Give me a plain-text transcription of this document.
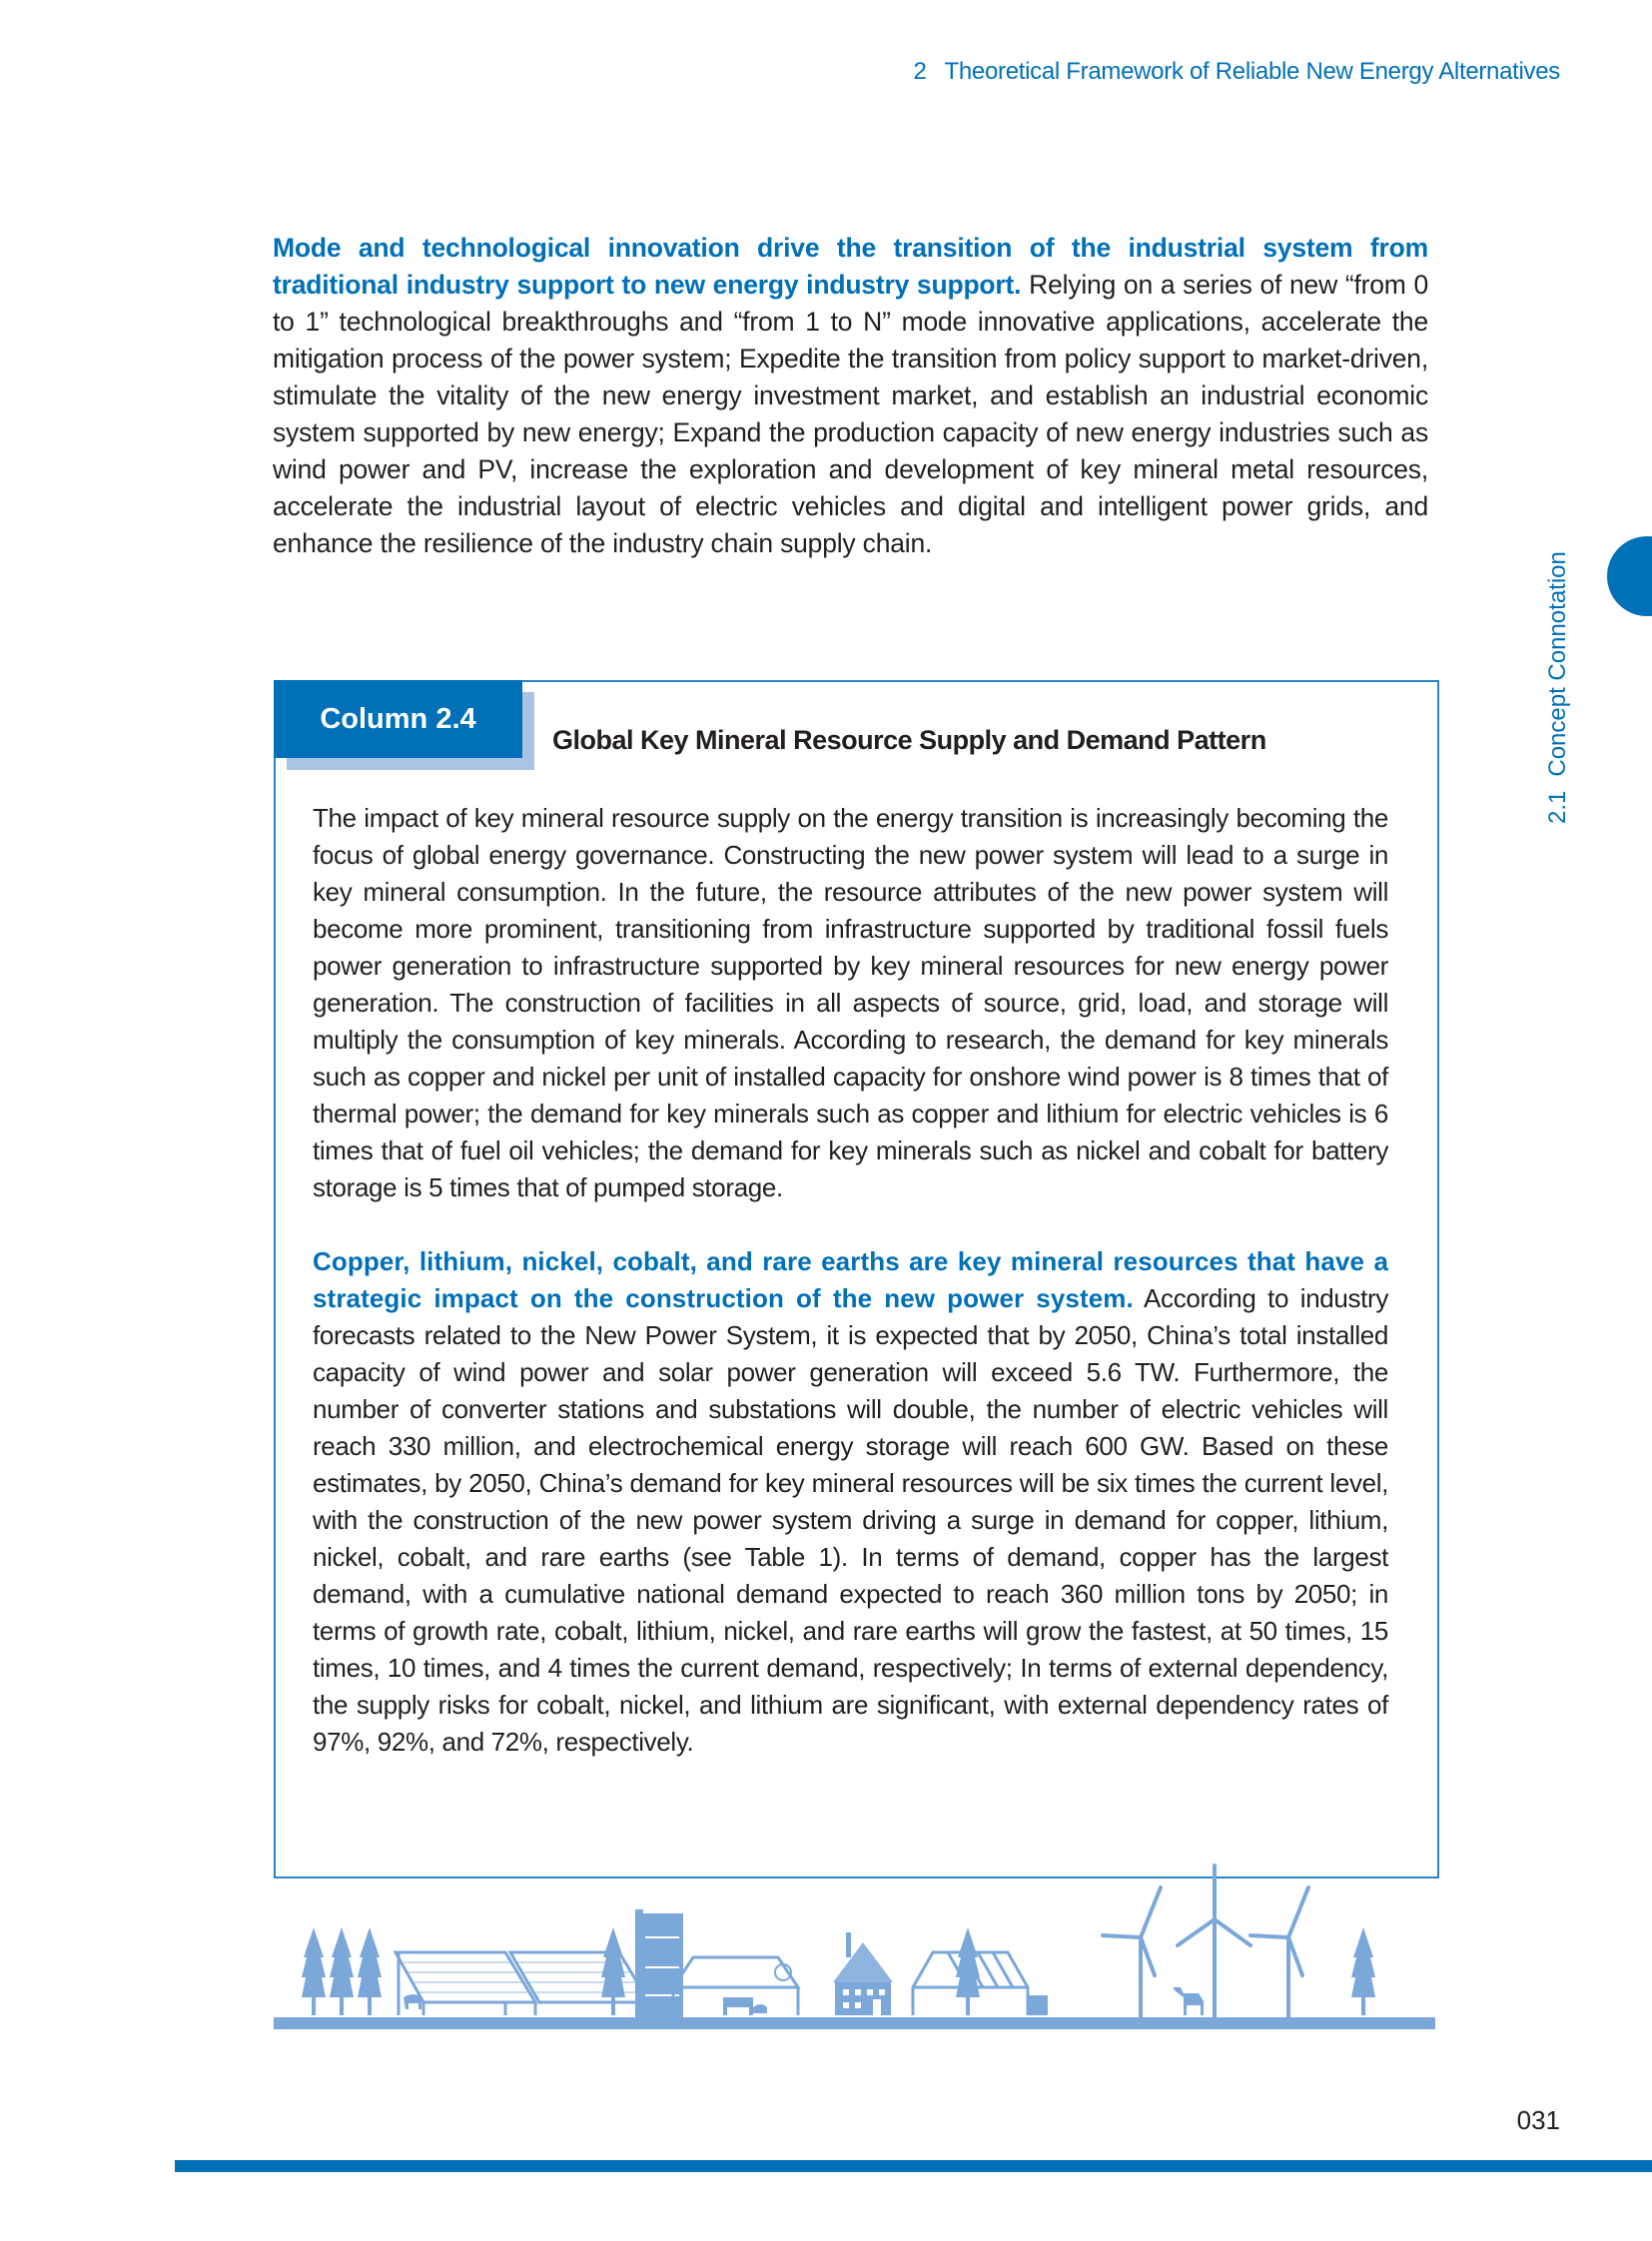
2 Theoretical Framework of Reliable New Energy Alternatives
2.1Concept Connotation
Mode and technological innovation drive the transition of the industrial system from traditional industry support to new energy industry support. Relying on a series of new “from 0 to 1” technological breakthroughs and “from 1 to N” mode innovative applications, accelerate the mitigation process of the power system; Expedite the transition from policy support to market-driven, stimulate the vitality of the new energy investment market, and establish an industrial economic system supported by new energy; Expand the production capacity of new energy industries such as wind power and PV, increase the exploration and development of key mineral metal resources, accelerate the industrial layout of electric vehicles and digital and intelligent power grids, and enhance the resilience of the industry chain supply chain.
Column 2.4
Global Key Mineral Resource Supply and Demand Pattern

The impact of key mineral resource supply on the energy transition is increasingly becoming the focus of global energy governance. Constructing the new power system will lead to a surge in key mineral consumption. In the future, the resource attributes of the new power system will become more prominent, transitioning from infrastructure supported by traditional fossil fuels power generation to infrastructure supported by key mineral resources for new energy power generation. The construction of facilities in all aspects of source, grid, load, and storage will multiply the consumption of key minerals. According to research, the demand for key minerals such as copper and nickel per unit of installed capacity for onshore wind power is 8 times that of thermal power; the demand for key minerals such as copper and lithium for electric vehicles is 6 times that of fuel oil vehicles; the demand for key minerals such as nickel and cobalt for battery storage is 5 times that of pumped storage.

Copper, lithium, nickel, cobalt, and rare earths are key mineral resources that have a strategic impact on the construction of the new power system. According to industry forecasts related to the New Power System, it is expected that by 2050, China’s total installed capacity of wind power and solar power generation will exceed 5.6 TW. Furthermore, the number of converter stations and substations will double, the number of electric vehicles will reach 330 million, and electrochemical energy storage will reach 600 GW. Based on these estimates, by 2050, China’s demand for key mineral resources will be six times the current level, with the construction of the new power system driving a surge in demand for copper, lithium, nickel, cobalt, and rare earths (see Table 1). In terms of demand, copper has the largest demand, with a cumulative national demand expected to reach 360 million tons by 2050; in terms of growth rate, cobalt, lithium, nickel, and rare earths will grow the fastest, at 50 times, 15 times, 10 times, and 4 times the current demand, respectively; In terms of external dependency, the supply risks for cobalt, nickel, and lithium are significant, with external dependency rates of 97%, 92%, and 72%, respectively.

031
